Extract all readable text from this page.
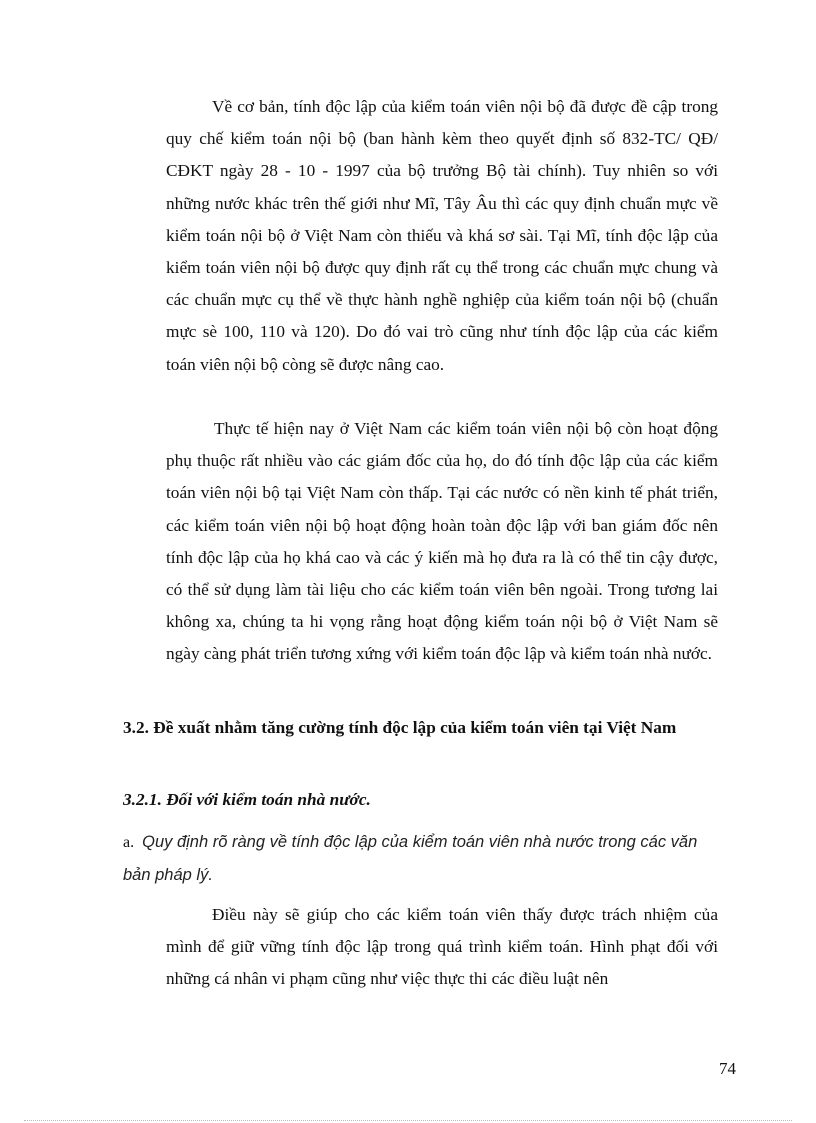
Về cơ bản, tính độc lập của kiểm toán viên nội bộ đã được đề cập trong quy chế kiểm toán nội bộ (ban hành kèm theo quyết định số 832-TC/ QĐ/ CĐKT ngày 28 - 10 - 1997 của bộ trưởng Bộ tài chính). Tuy nhiên so với những nước khác trên thế giới như Mĩ, Tây Âu thì các quy định chuẩn mực về kiểm toán nội bộ ở Việt Nam còn thiếu và khá sơ sài. Tại Mĩ, tính độc lập của kiểm toán viên nội bộ được quy định rất cụ thể trong các chuẩn mực chung và các chuẩn mực cụ thể về thực hành nghề nghiệp của kiểm toán nội bộ (chuẩn mực sè 100, 110 và 120). Do đó vai trò cũng như tính độc lập của các kiểm toán viên nội bộ còng sẽ được nâng cao.

Thực tế hiện nay ở Việt Nam các kiểm toán viên nội bộ còn hoạt động phụ thuộc rất nhiều vào các giám đốc của họ, do đó tính độc lập của các kiểm toán viên nội bộ tại Việt Nam còn thấp. Tại các nước có nền kinh tế phát triển, các kiểm toán viên nội bộ hoạt động hoàn toàn độc lập với ban giám đốc nên tính độc lập của họ khá cao và các ý kiến mà họ đưa ra là có thể tin cậy được, có thể sử dụng làm tài liệu cho các kiểm toán viên bên ngoài. Trong tương lai không xa, chúng ta hi vọng rằng hoạt động kiểm toán nội bộ ở Việt Nam sẽ ngày càng phát triển tương xứng với kiểm toán độc lập và kiểm toán nhà nước.

3.2. Đề xuất nhằm tăng cường tính độc lập của kiểm toán viên tại Việt Nam
3.2.1. Đối với kiểm toán nhà nước.

a. Quy định rõ ràng về tính độc lập của kiểm toán viên nhà nước trong các văn bản pháp lý.

Điều này sẽ giúp cho các kiểm toán viên thấy được trách nhiệm của mình để giữ vững tính độc lập trong quá trình kiểm toán. Hình phạt đối với những cá nhân vi phạm cũng như việc thực thi các điều luật nên

74
